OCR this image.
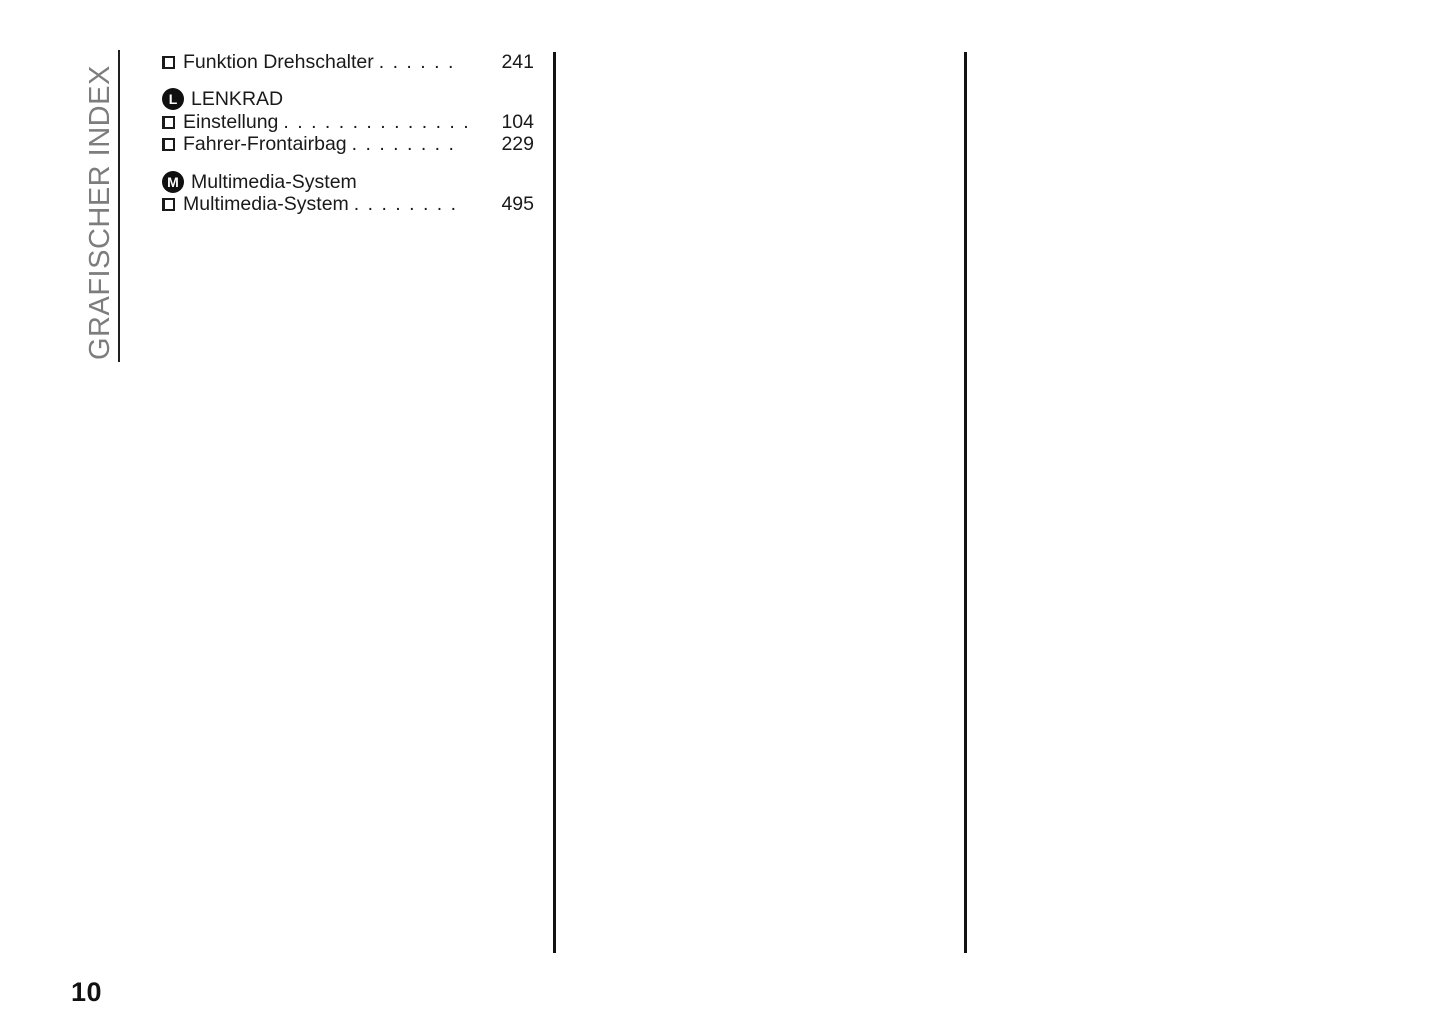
GRAFISCHER INDEX
Funktion Drehschalter . . . . . .	241
L LENKRAD
Einstellung . . . . . . . . . . . . . .	104
Fahrer-Frontairbag . . . . . . . .	229
M Multimedia-System
Multimedia-System . . . . . . . .	495
10
